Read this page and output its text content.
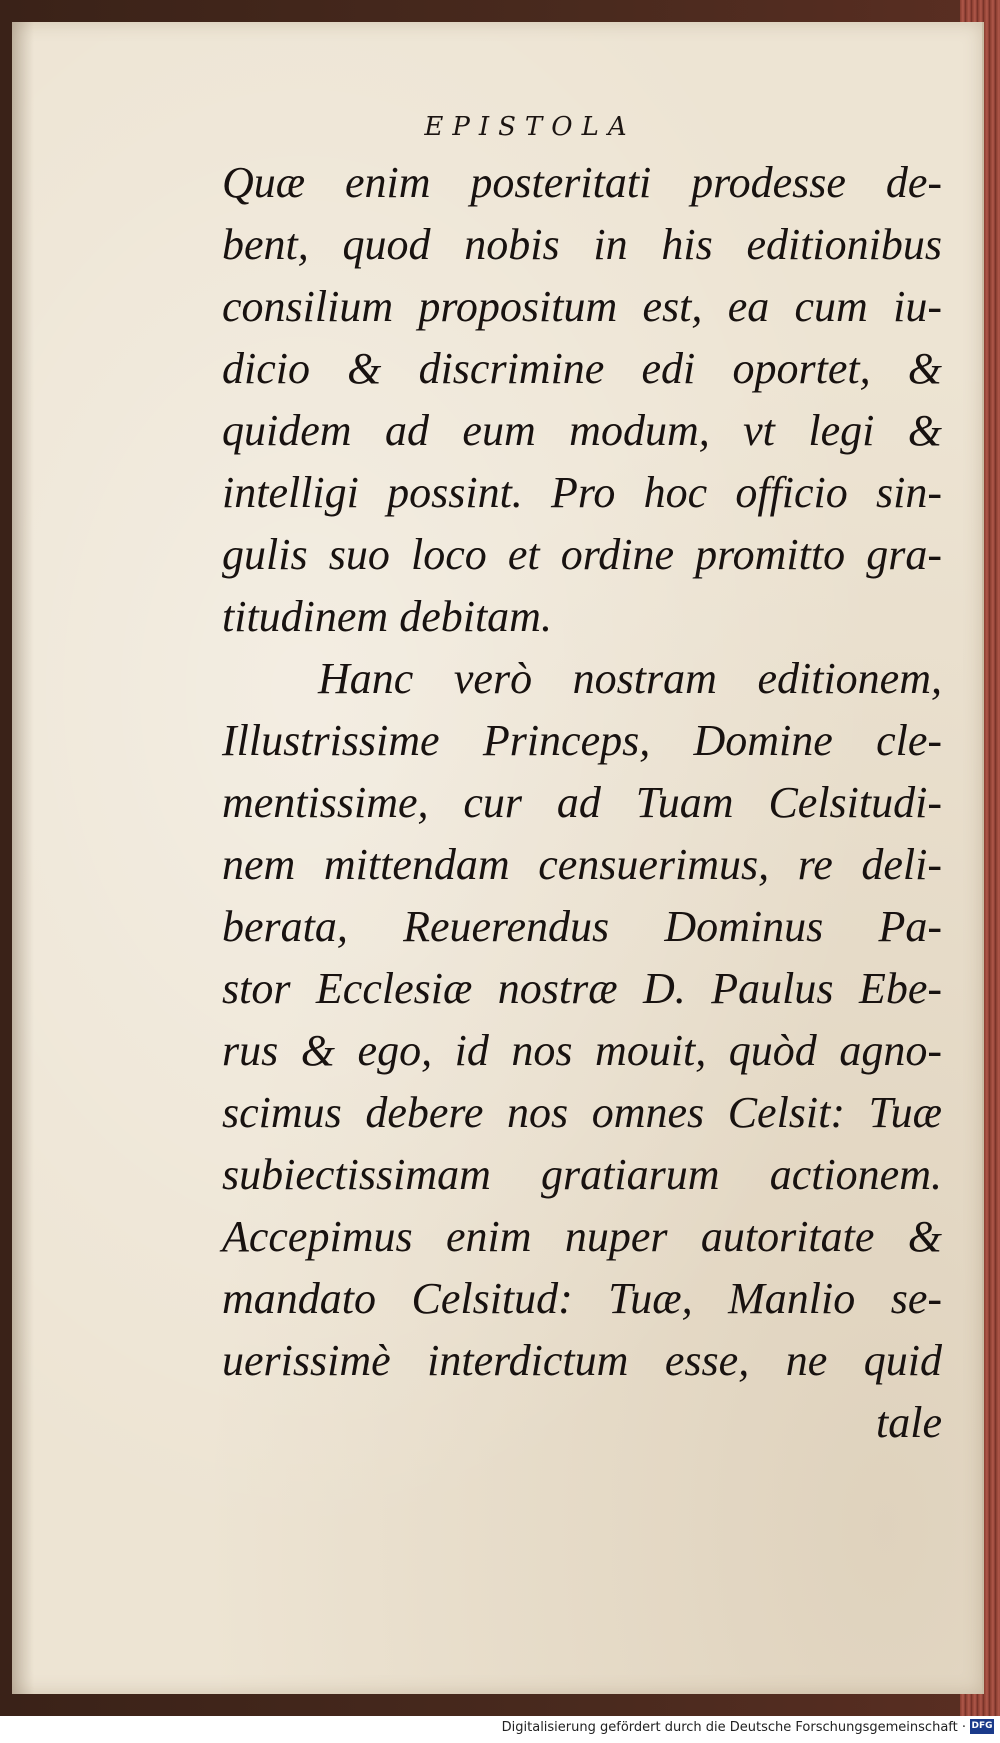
EPISTOLA
Quæ enim posteritati prodesse de-
bent, quod nobis in his editionibus
consilium propositum est, ea cum iu-
dicio & discrimine edi oportet, &
quidem ad eum modum, vt legi &
intelligi possint. Pro hoc officio sin-
gulis suo loco et ordine promitto gra-
titudinem debitam.
Hanc verò nostram editionem,
Illustrissime Princeps, Domine cle-
mentissime, cur ad Tuam Celsitudi-
nem mittendam censuerimus, re deli-
berata, Reuerendus Dominus Pa-
stor Ecclesiæ nostræ D. Paulus Ebe-
rus & ego, id nos mouit, quòd agno-
scimus debere nos omnes Celsit: Tuæ
subiectissimam gratiarum actionem.
Accepimus enim nuper autoritate &
mandato Celsitud: Tuæ, Manlio se-
uerissimè interdictum esse, ne quid
tale
Digitalisierung gefördert durch die Deutsche Forschungsgemeinschaft · DFG
